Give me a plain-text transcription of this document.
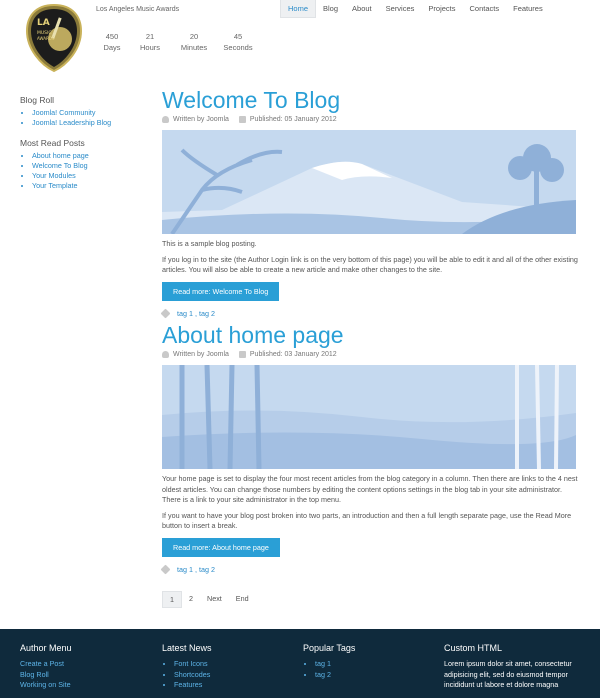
LA
MUSIC
AWARDS
Los Angeles Music Awards
450
Days
21
Hours
20
Minutes
45
Seconds
Home	Blog	About	Services	Projects	Contacts	Features
Blog Roll
• Joomla! Community
• Joomla! Leadership Blog
Most Read Posts
• About home page
• Welcome To Blog
• Your Modules
• Your Template
Welcome To Blog
Written by Joomla	Published: 05 January 2012

This is a sample blog posting.

If you log in to the site (the Author Login link is on the very bottom of this page) you will be able to edit it and all of the other existing articles. You will also be able to create a new article and make other changes to the site.

Read more: Welcome To Blog
tag 1 , tag 2
About home page
Written by Joomla	Published: 03 January 2012

Your home page is set to display the four most recent articles from the blog category in a column. Then there are links to the 4 nest oldest articles. You can change those numbers by editing the content options settings in the blog tab in your site administrator. There is a link to your site administrator in the top menu.

If you want to have your blog post broken into two parts, an introduction and then a full length separate page, use the Read More button to insert a break.

Read more: About home page
tag 1 , tag 2
1	2	Next	End
Author Menu
Create a Post
Blog Roll
Working on Site
Latest News
• Font Icons
• Shortcodes
• Features
Popular Tags
• tag 1
• tag 2
Custom HTML

Lorem ipsum dolor sit amet, consectetur adipisicing elit, sed do eiusmod tempor incididunt ut labore et dolore magna
